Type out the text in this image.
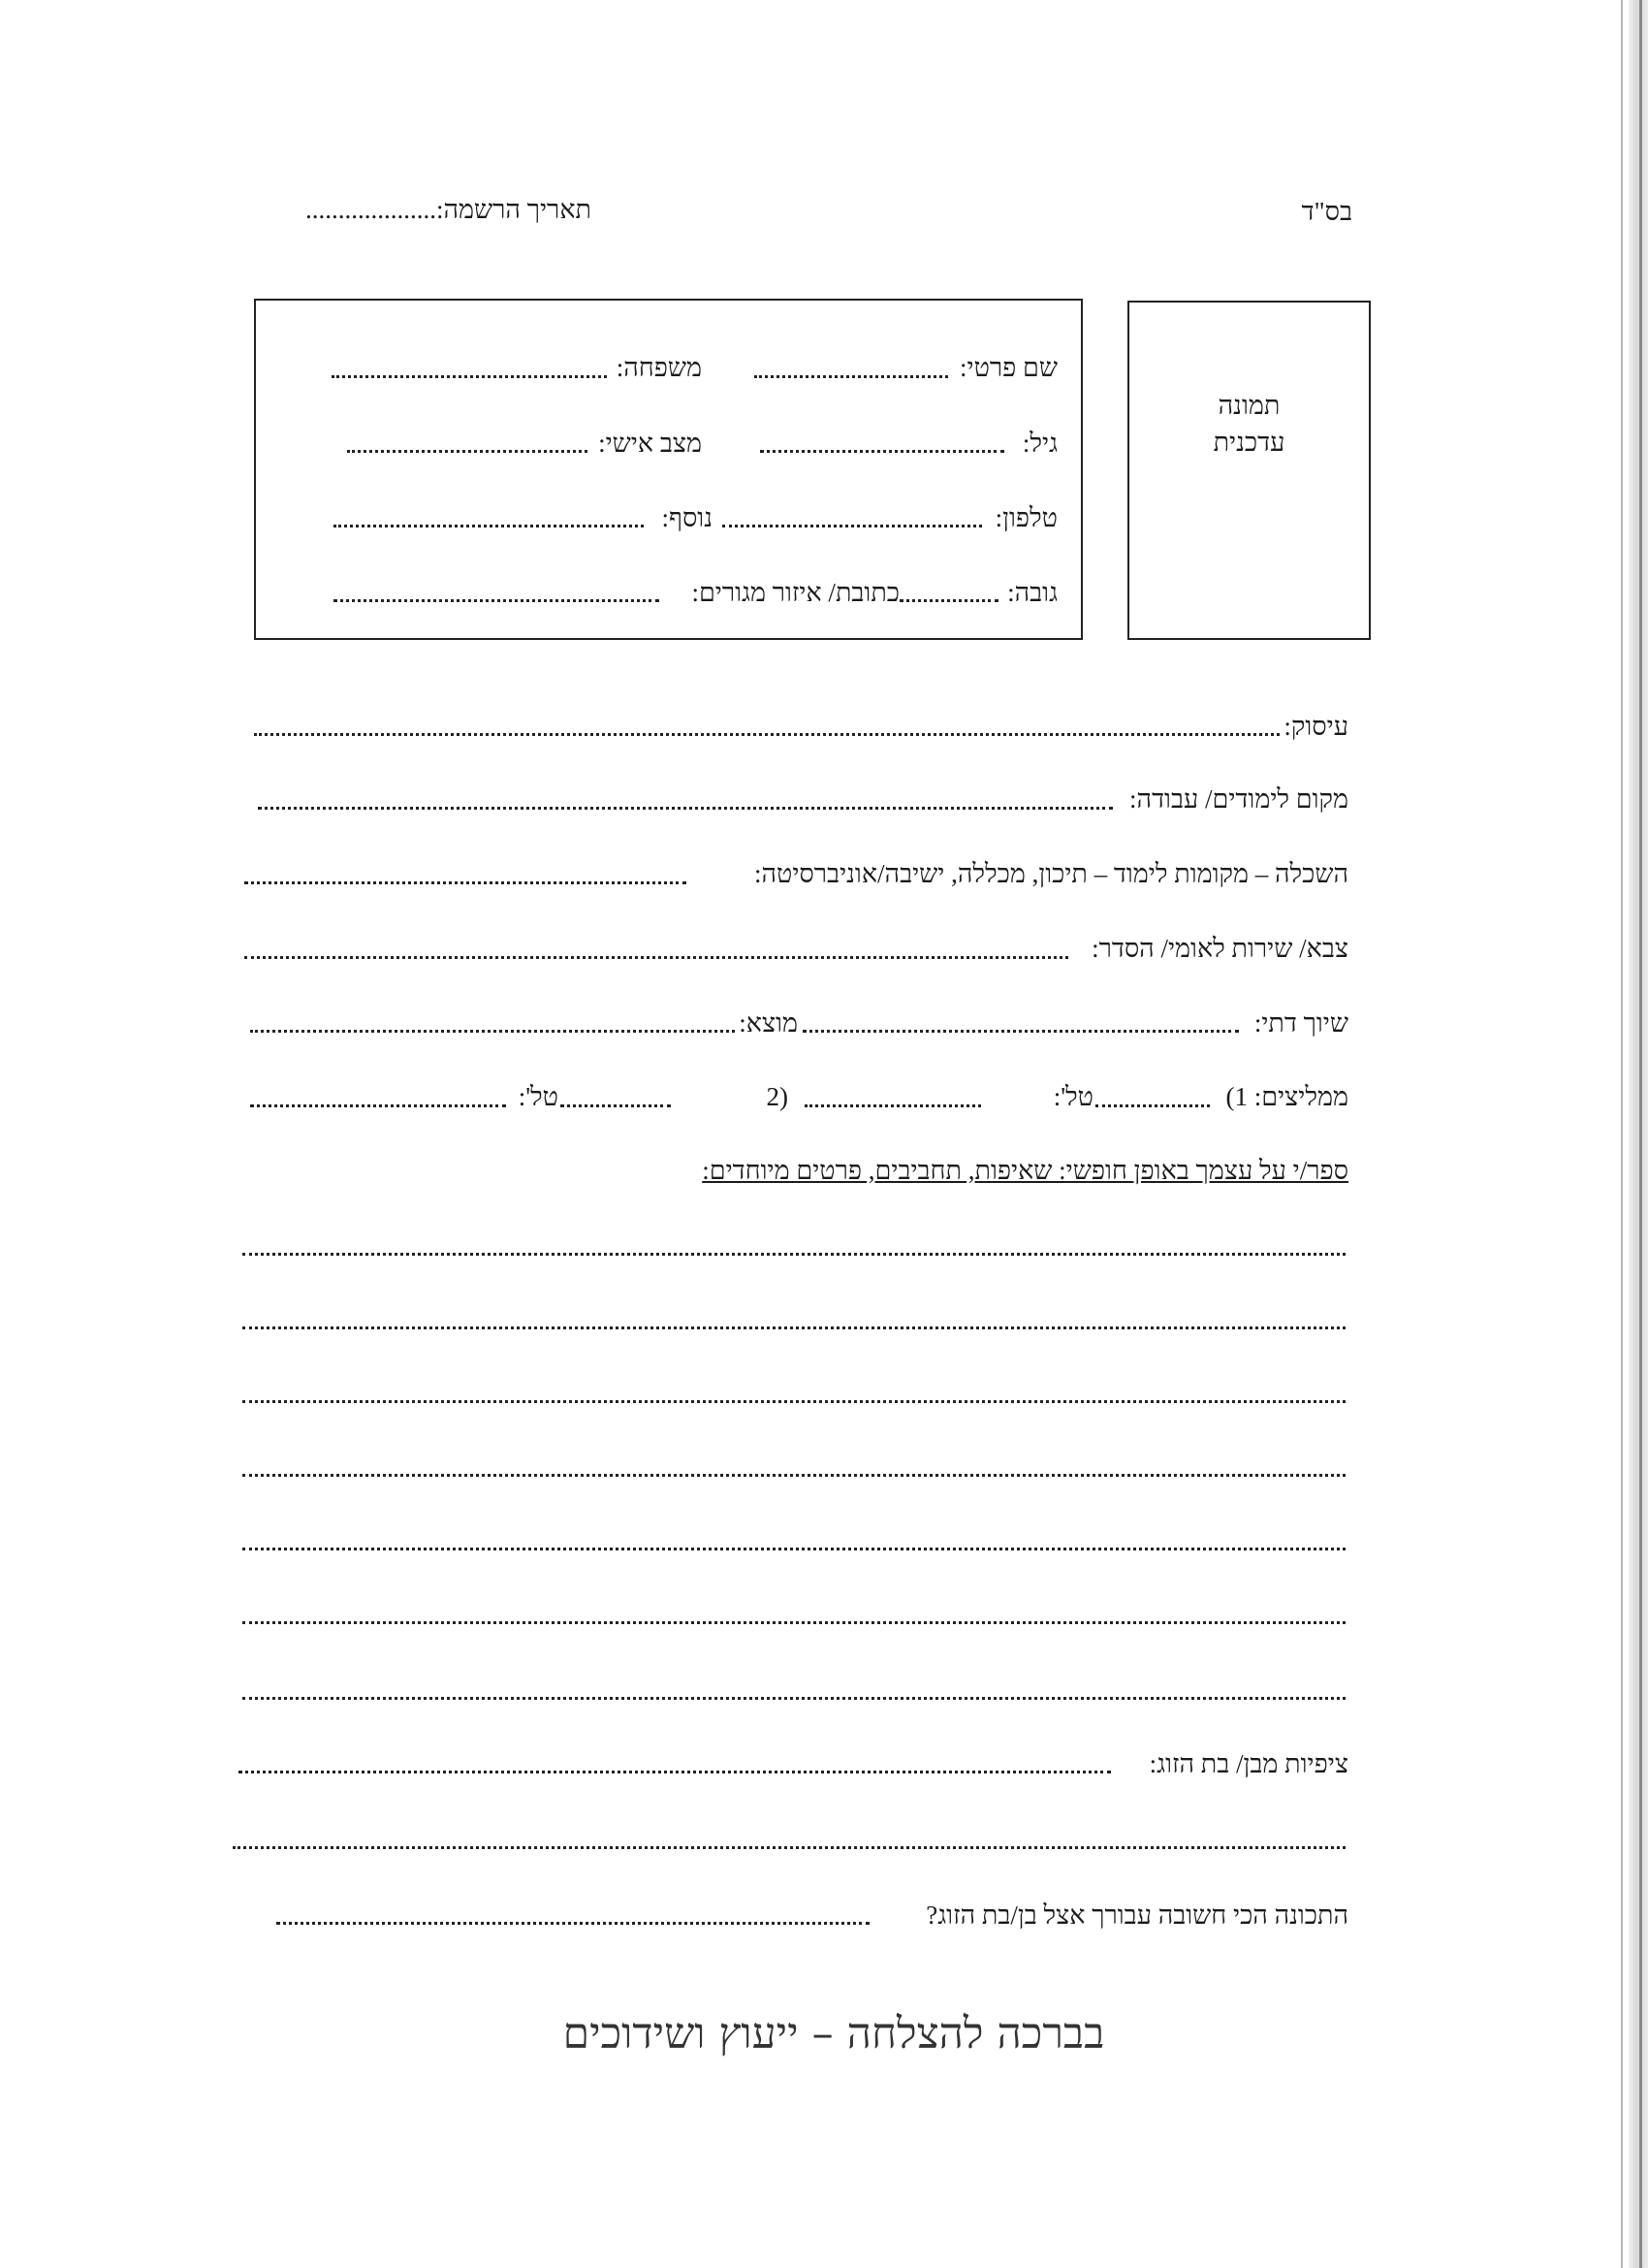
בס"ד
תאריך הרשמה:....................
שם פרטי:
משפחה:
גיל:
מצב אישי:
טלפון:
נוסף:
גובה:
כתובת/ איזור מגורים:
תמונה
עדכנית
עיסוק:
מקום לימודים/ עבודה:
השכלה – מקומות לימוד – תיכון, מכללה, ישיבה/אוניברסיטה:
צבא/ שירות לאומי/ הסדר:
שיוך דתי:
מוצא:
ממליצים: 1)
טל':
2)
טל':
ספר/י על עצמך באופן חופשי: שאיפות, תחביבים, פרטים מיוחדים:
ציפיות מבן/ בת הזוג:
התכונה הכי חשובה עבורך אצל בן/בת הזוג?
בברכה להצלחה – ייעוץ ושידוכים
